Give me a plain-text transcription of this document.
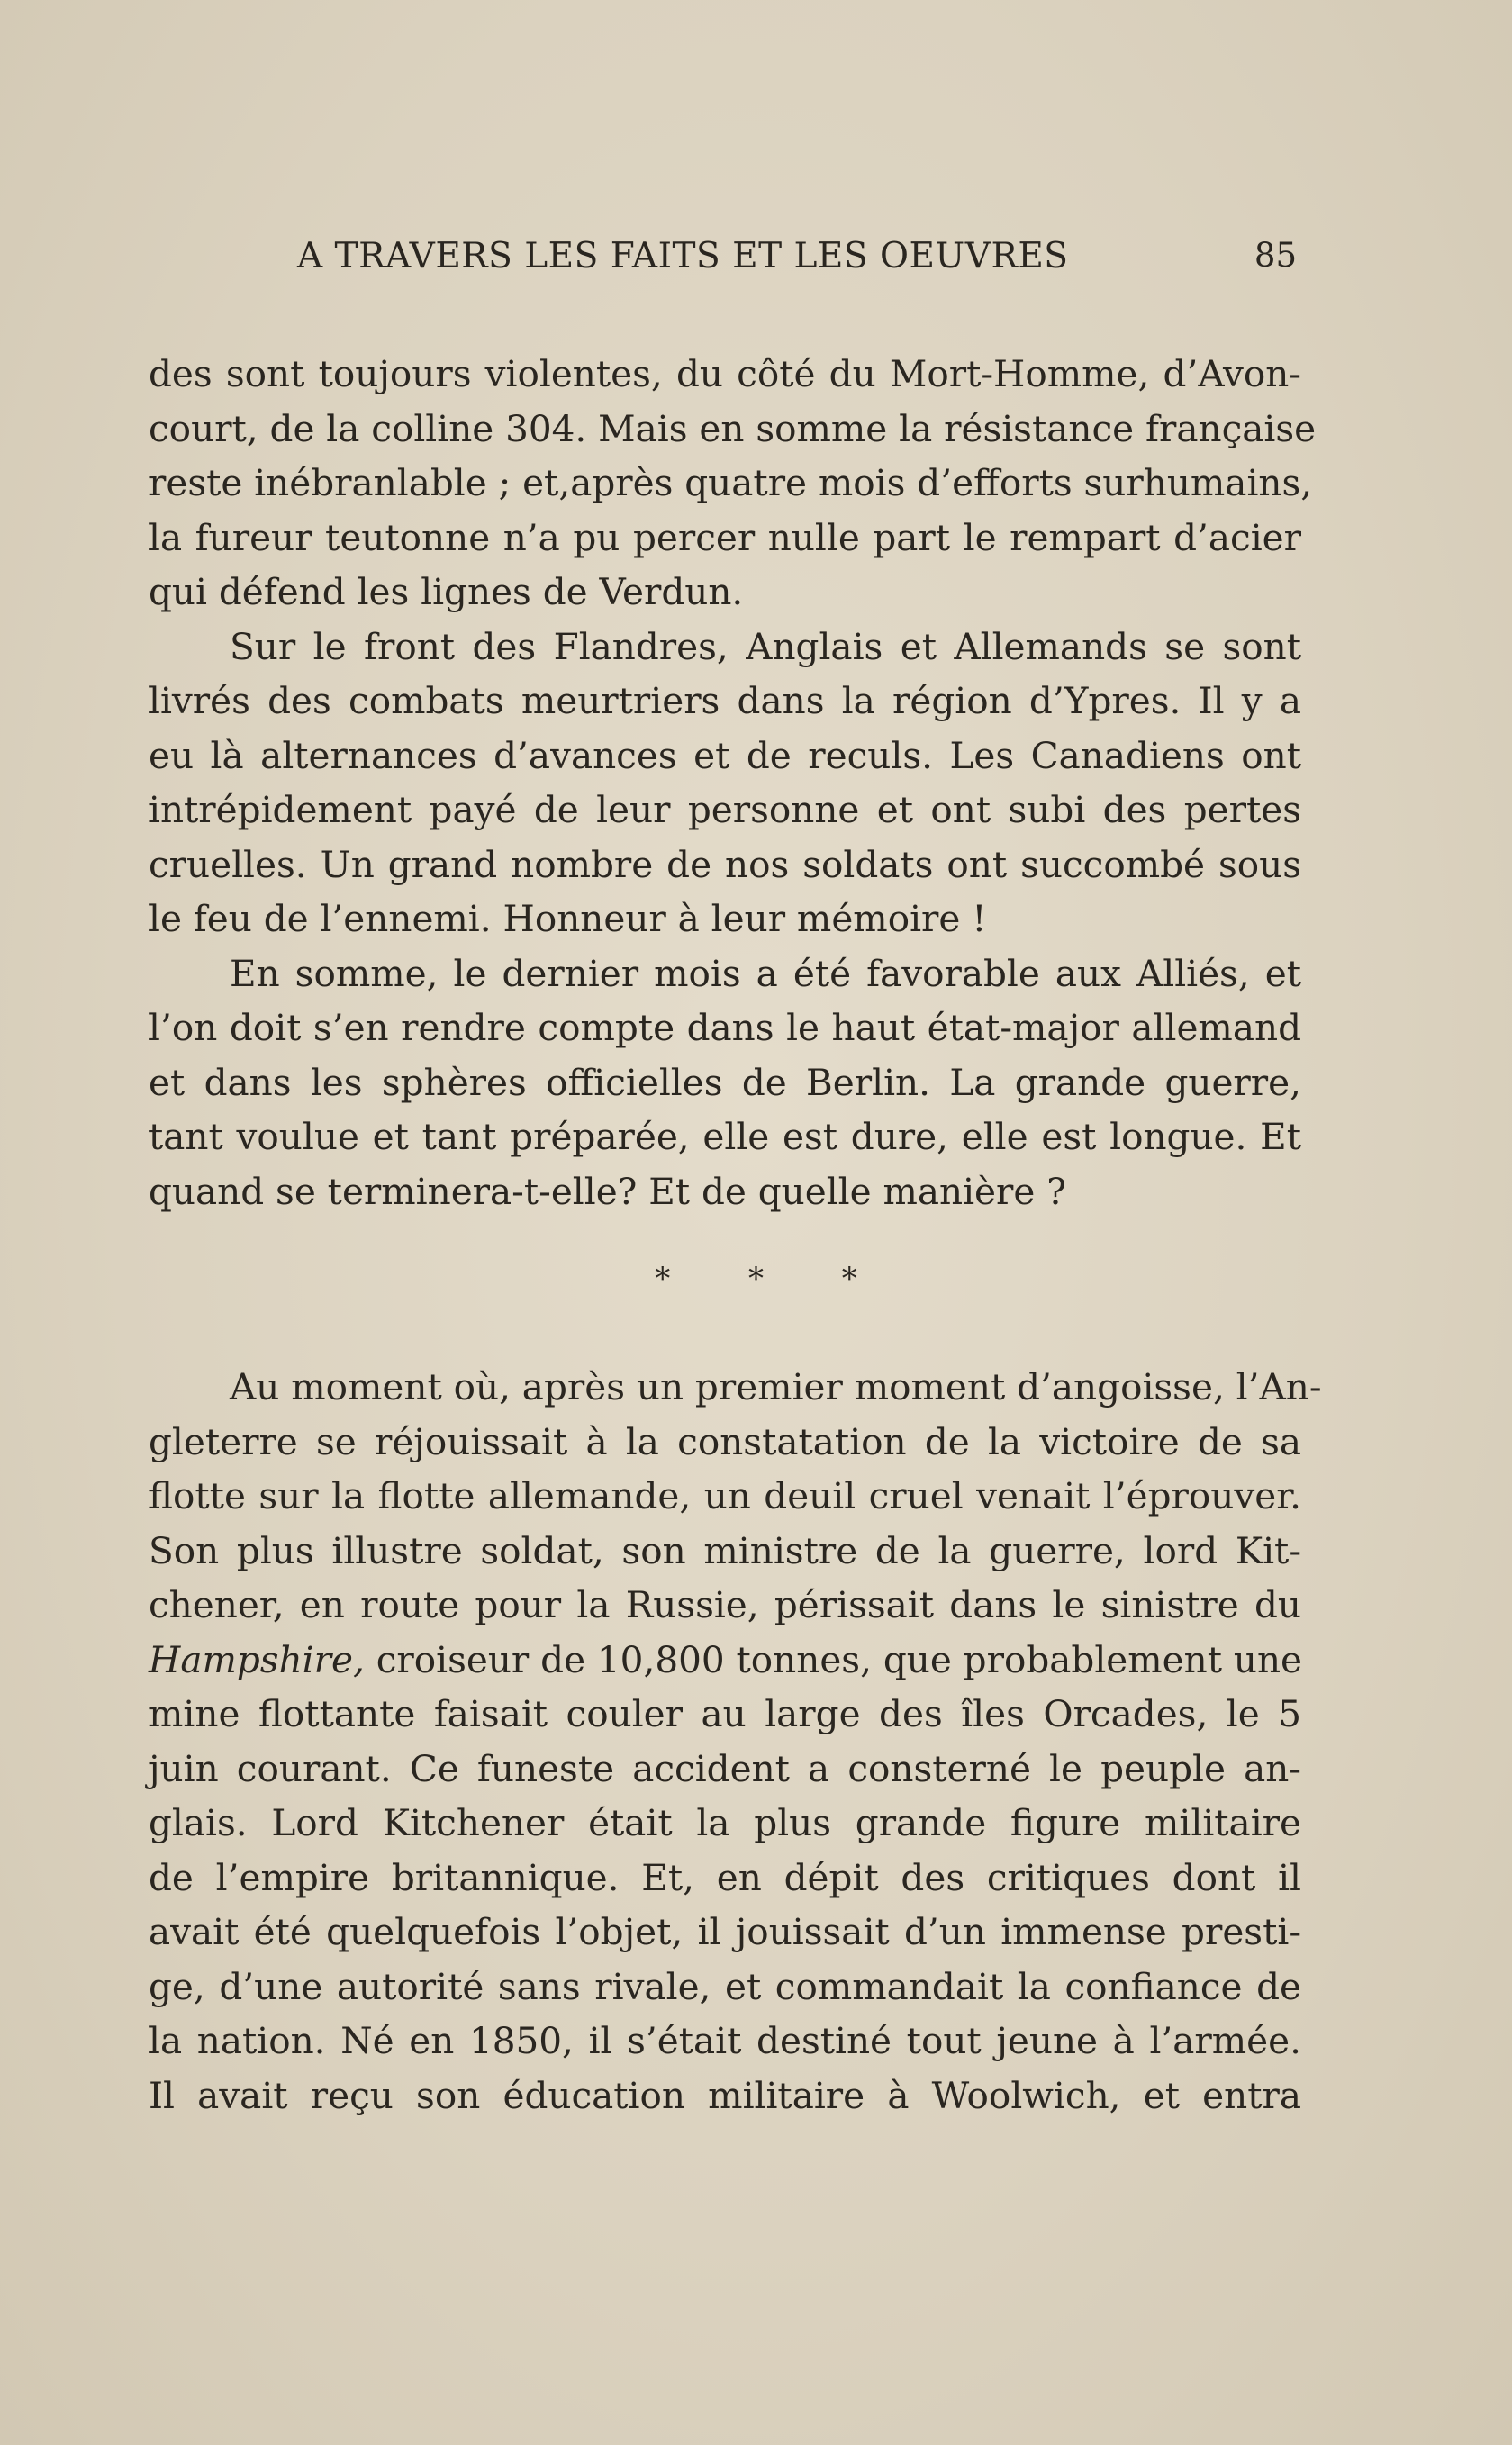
A TRAVERS LES FAITS ET LES OEUVRES	85
des sont toujours violentes, du côté du Mort-Homme, d’Avon-
court, de la colline 304. Mais en somme la résistance française
reste inébranlable ; et,après quatre mois d’efforts surhumains,
la fureur teutonne n’a pu percer nulle part le rempart d’acier
qui défend les lignes de Verdun.
Sur le front des Flandres, Anglais et Allemands se sont
livrés des combats meurtriers dans la région d’Ypres. Il y a
eu là alternances d’avances et de reculs. Les Canadiens ont
intrépidement payé de leur personne et ont subi des pertes
cruelles. Un grand nombre de nos soldats ont succombé sous
le feu de l’ennemi. Honneur à leur mémoire !
En somme, le dernier mois a été favorable aux Alliés, et
l’on doit s’en rendre compte dans le haut état-major allemand
et dans les sphères officielles de Berlin. La grande guerre,
tant voulue et tant préparée, elle est dure, elle est longue. Et
quand se terminera-t-elle? Et de quelle manière ?
* * *
Au moment où, après un premier moment d’angoisse, l’An-
gleterre se réjouissait à la constatation de la victoire de sa
flotte sur la flotte allemande, un deuil cruel venait l’éprouver.
Son plus illustre soldat, son ministre de la guerre, lord Kit-
chener, en route pour la Russie, périssait dans le sinistre du
Hampshire, croiseur de 10,800 tonnes, que probablement une
mine flottante faisait couler au large des îles Orcades, le 5
juin courant. Ce funeste accident a consterné le peuple an-
glais. Lord Kitchener était la plus grande figure militaire
de l’empire britannique. Et, en dépit des critiques dont il
avait été quelquefois l’objet, il jouissait d’un immense presti-
ge, d’une autorité sans rivale, et commandait la confiance de
la nation. Né en 1850, il s’était destiné tout jeune à l’armée.
Il avait reçu son éducation militaire à Woolwich, et entra
